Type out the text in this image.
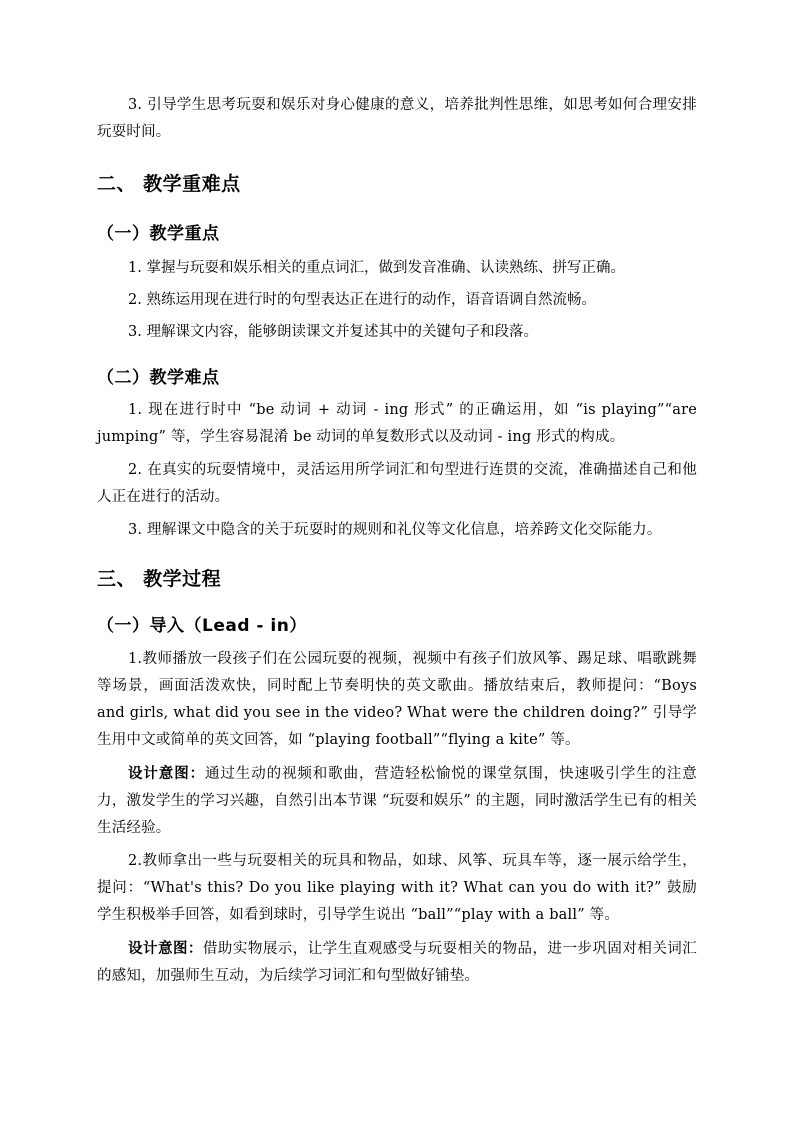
3. 引导学生思考玩耍和娱乐对身心健康的意义，培养批判性思维，如思考如何合理安排玩耍时间。

二、 教学重难点
（一）教学重点

1. 掌握与玩耍和娱乐相关的重点词汇，做到发音准确、认读熟练、拼写正确。

2. 熟练运用现在进行时的句型表达正在进行的动作，语音语调自然流畅。

3. 理解课文内容，能够朗读课文并复述其中的关键句子和段落。

（二）教学难点

1. 现在进行时中 “be 动词 + 动词 - ing 形式” 的正确运用，如 “is playing”“are jumping” 等，学生容易混淆 be 动词的单复数形式以及动词 - ing 形式的构成。

2. 在真实的玩耍情境中，灵活运用所学词汇和句型进行连贯的交流，准确描述自己和他人正在进行的活动。

3. 理解课文中隐含的关于玩耍时的规则和礼仪等文化信息，培养跨文化交际能力。

三、 教学过程
（一）导入（Lead - in）

1.教师播放一段孩子们在公园玩耍的视频，视频中有孩子们放风筝、踢足球、唱歌跳舞等场景，画面活泼欢快，同时配上节奏明快的英文歌曲。播放结束后，教师提问：“Boys and girls, what did you see in the video? What were the children doing?” 引导学生用中文或简单的英文回答，如 “playing football”“flying a kite” 等。

设计意图：通过生动的视频和歌曲，营造轻松愉悦的课堂氛围，快速吸引学生的注意力，激发学生的学习兴趣，自然引出本节课 “玩耍和娱乐” 的主题，同时激活学生已有的相关生活经验。

2.教师拿出一些与玩耍相关的玩具和物品，如球、风筝、玩具车等，逐一展示给学生，提问：“What's this? Do you like playing with it? What can you do with it?” 鼓励学生积极举手回答，如看到球时，引导学生说出 “ball”“play with a ball” 等。

设计意图：借助实物展示，让学生直观感受与玩耍相关的物品，进一步巩固对相关词汇的感知，加强师生互动，为后续学习词汇和句型做好铺垫。
